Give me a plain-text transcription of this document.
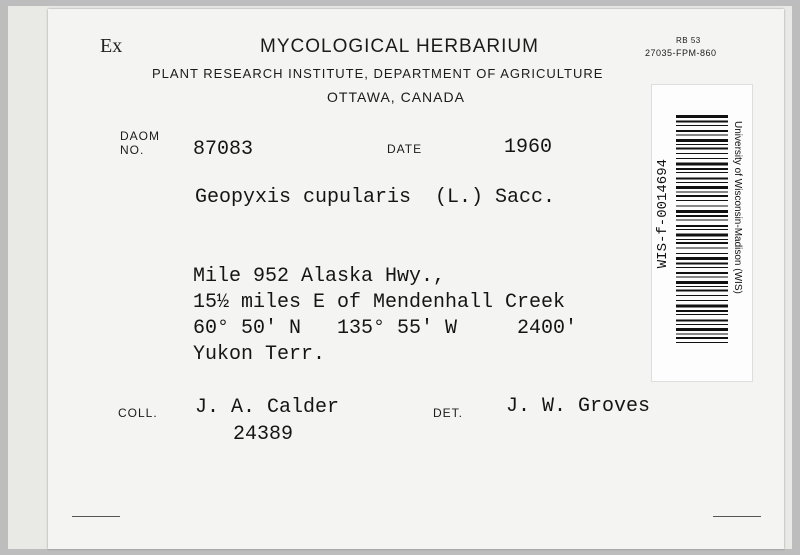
Ex	MYCOLOGICAL HERBARIUM
PLANT RESEARCH INSTITUTE, DEPARTMENT OF AGRICULTURE
OTTAWA, CANADA
RB 53
27035-FPM-860
DAOM
NO.	87083	DATE	1960
Geopyxis cupularis  (L.) Sacc.
Mile 952 Alaska Hwy.,
15½ miles E of Mendenhall Creek
60° 50' N   135° 55' W     2400'
Yukon Terr.
COLL. J. A. Calder
24389
DET. J. W. Groves
WIS-f-0014694	University of Wisconsin-Madison (WIS)
